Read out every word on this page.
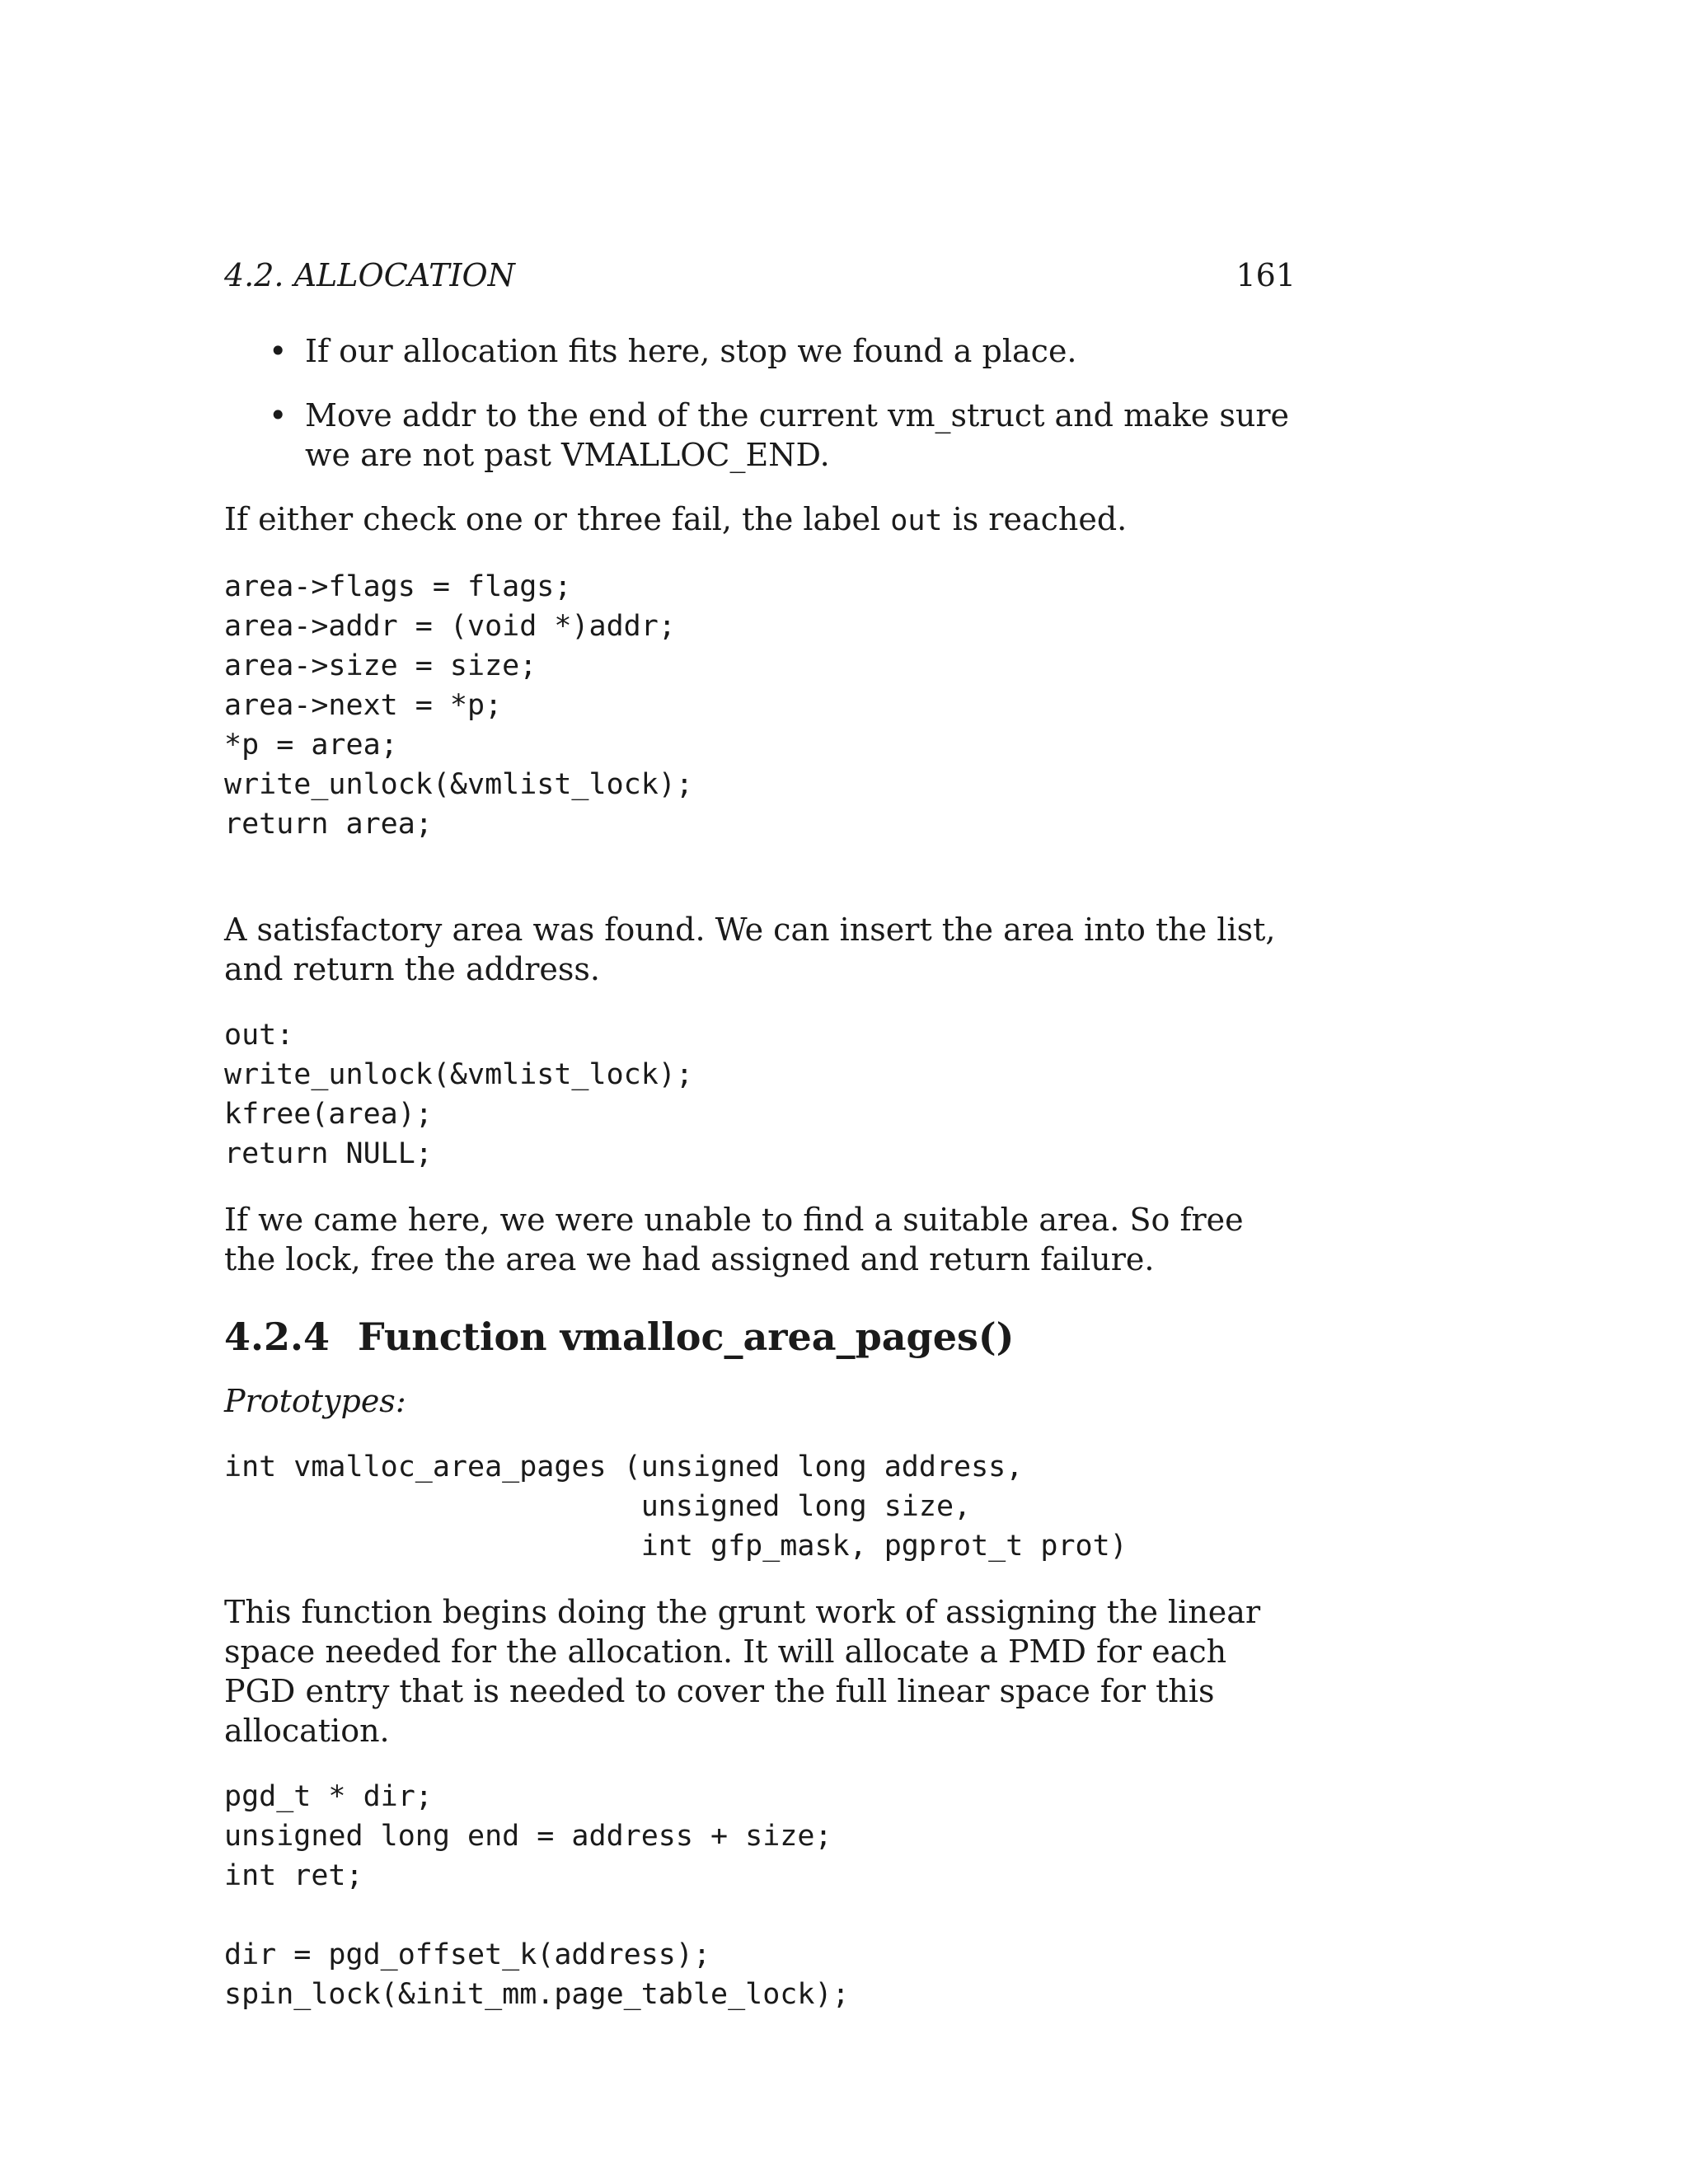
4.2. ALLOCATION	161
• If our allocation fits here, stop we found a place.
• Move addr to the end of the current vm_struct and make sure we are not past VMALLOC_END.

If either check one or three fail, the label out is reached.

area->flags = flags;
area->addr = (void *)addr;
area->size = size;
area->next = *p;
*p = area;
write_unlock(&vmlist_lock);
return area;

A satisfactory area was found. We can insert the area into the list, and return the address.

out:
write_unlock(&vmlist_lock);
kfree(area);
return NULL;

If we came here, we were unable to find a suitable area. So free the lock, free the area we had assigned and return failure.

4.2.4 Function vmalloc_area_pages()

Prototypes:

int vmalloc_area_pages (unsigned long address,
unsigned long size,
int gfp_mask, pgprot_t prot)

This function begins doing the grunt work of assigning the linear space needed for the allocation. It will allocate a PMD for each PGD entry that is needed to cover the full linear space for this allocation.

pgd_t * dir;
unsigned long end = address + size;
int ret;
dir = pgd_offset_k(address);
spin_lock(&init_mm.page_table_lock);
